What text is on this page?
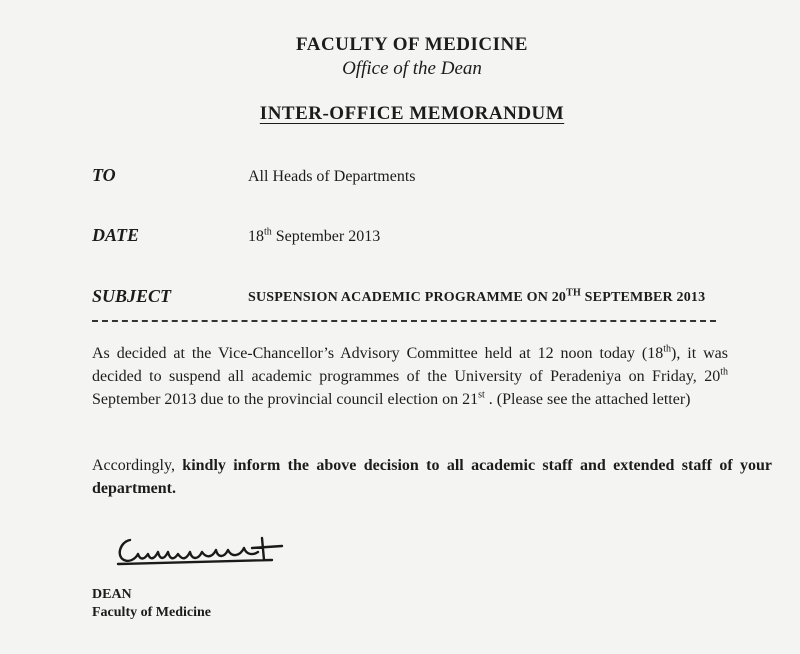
FACULTY OF MEDICINE
Office of the Dean
INTER-OFFICE MEMORANDUM
TO	All Heads of Departments
DATE	18th September 2013
SUBJECT	SUSPENSION ACADEMIC PROGRAMME ON 20TH SEPTEMBER 2013
As decided at the Vice-Chancellor’s Advisory Committee held at 12 noon today (18th), it was decided to suspend all academic programmes of the University of Peradeniya on Friday, 20th September 2013 due to the provincial council election on 21st . (Please see the attached letter)
Accordingly, kindly inform the above decision to all academic staff and extended staff of your department.
DEAN
Faculty of Medicine
